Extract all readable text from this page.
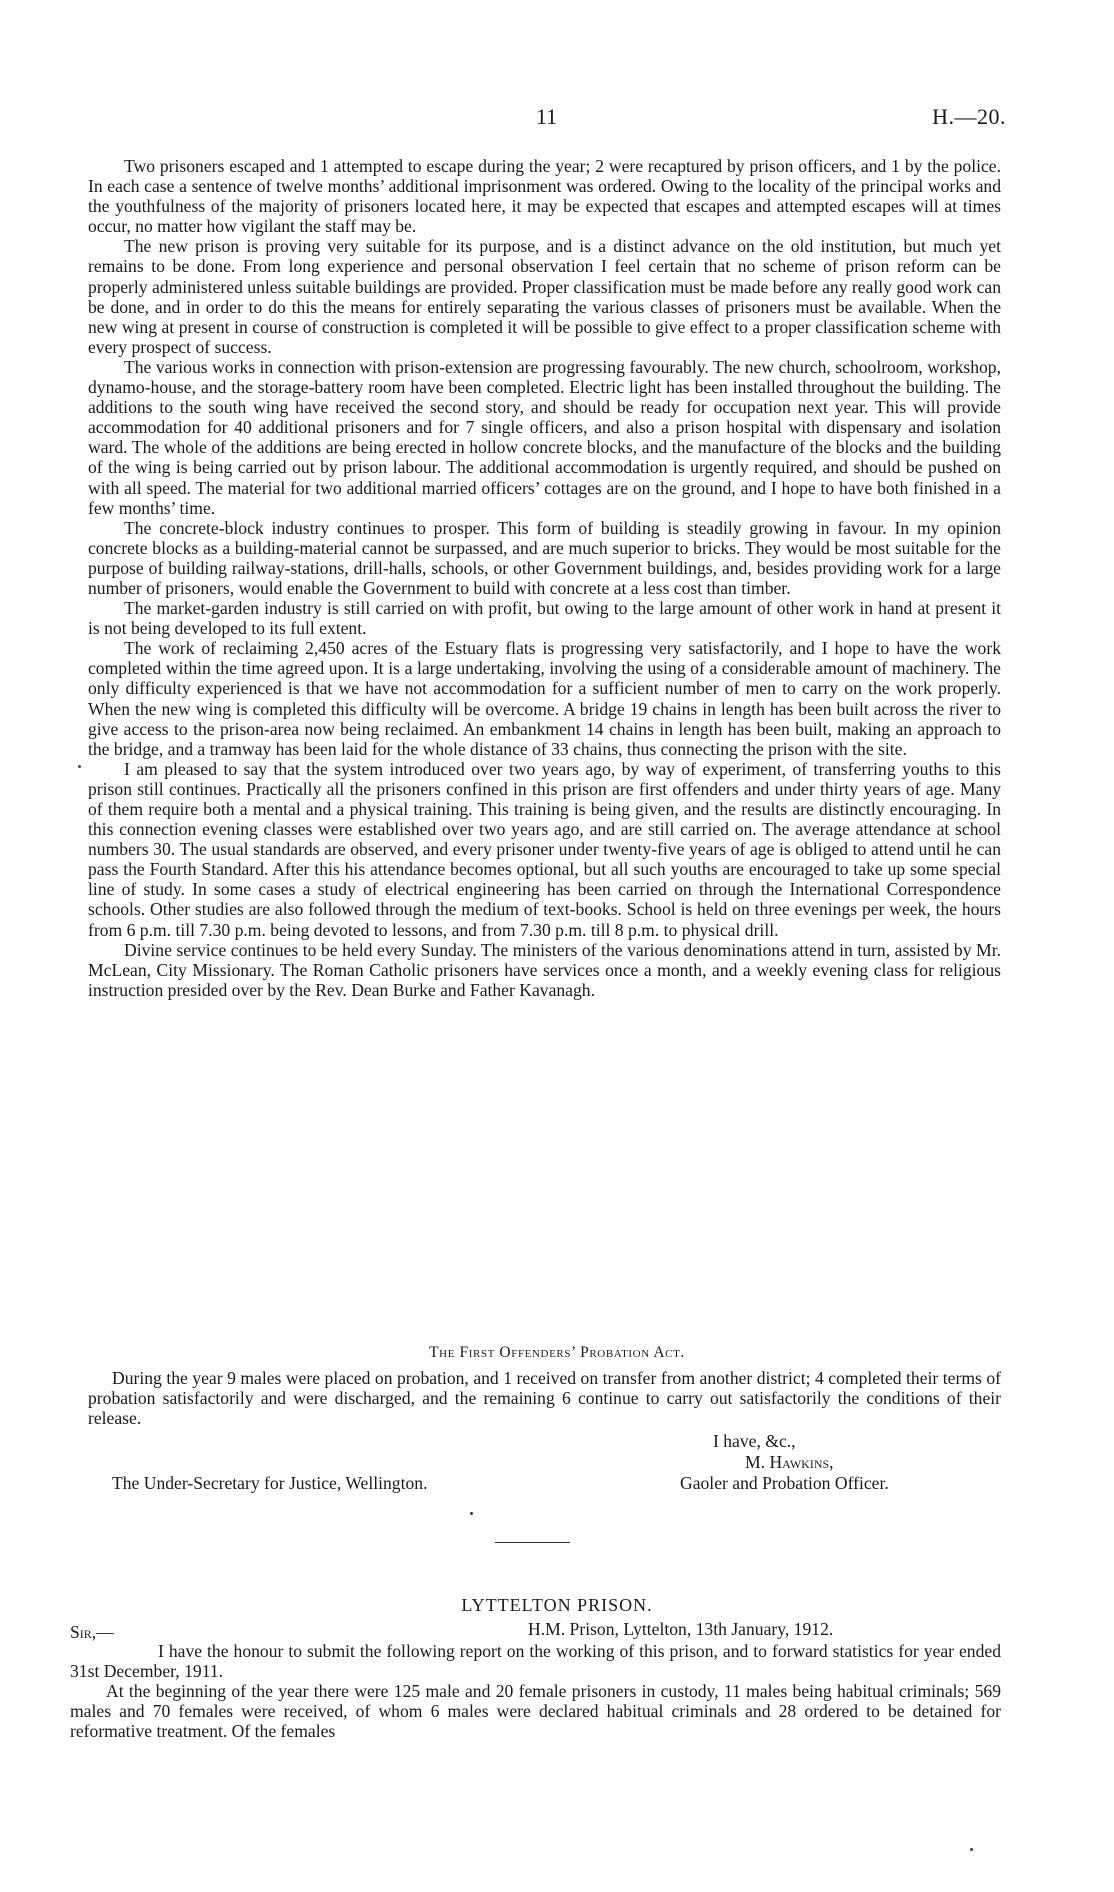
11	H.—20.

Two prisoners escaped and 1 attempted to escape during the year; 2 were recaptured by prison officers, and 1 by the police. In each case a sentence of twelve months’ additional imprisonment was ordered. Owing to the locality of the principal works and the youthfulness of the majority of prisoners located here, it may be expected that escapes and attempted escapes will at times occur, no matter how vigilant the staff may be.

The new prison is proving very suitable for its purpose, and is a distinct advance on the old institution, but much yet remains to be done. From long experience and personal observation I feel certain that no scheme of prison reform can be properly administered unless suitable buildings are provided. Proper classification must be made before any really good work can be done, and in order to do this the means for entirely separating the various classes of prisoners must be available. When the new wing at present in course of construction is completed it will be possible to give effect to a proper classification scheme with every prospect of success.

The various works in connection with prison-extension are progressing favourably. The new church, schoolroom, workshop, dynamo-house, and the storage-battery room have been completed. Electric light has been installed throughout the building. The additions to the south wing have received the second story, and should be ready for occupation next year. This will provide accommodation for 40 additional prisoners and for 7 single officers, and also a prison hospital with dispensary and isolation ward. The whole of the additions are being erected in hollow concrete blocks, and the manufacture of the blocks and the building of the wing is being carried out by prison labour. The additional accommodation is urgently required, and should be pushed on with all speed. The material for two additional married officers’ cottages are on the ground, and I hope to have both finished in a few months’ time.

The concrete-block industry continues to prosper. This form of building is steadily growing in favour. In my opinion concrete blocks as a building-material cannot be surpassed, and are much superior to bricks. They would be most suitable for the purpose of building railway-stations, drill-halls, schools, or other Government buildings, and, besides providing work for a large number of prisoners, would enable the Government to build with concrete at a less cost than timber.

The market-garden industry is still carried on with profit, but owing to the large amount of other work in hand at present it is not being developed to its full extent.

The work of reclaiming 2,450 acres of the Estuary flats is progressing very satisfactorily, and I hope to have the work completed within the time agreed upon. It is a large undertaking, involving the using of a considerable amount of machinery. The only difficulty experienced is that we have not accommodation for a sufficient number of men to carry on the work properly. When the new wing is completed this difficulty will be overcome. A bridge 19 chains in length has been built across the river to give access to the prison-area now being reclaimed. An embankment 14 chains in length has been built, making an approach to the bridge, and a tramway has been laid for the whole distance of 33 chains, thus connecting the prison with the site.

I am pleased to say that the system introduced over two years ago, by way of experiment, of transferring youths to this prison still continues. Practically all the prisoners confined in this prison are first offenders and under thirty years of age. Many of them require both a mental and a physical training. This training is being given, and the results are distinctly encouraging. In this connection evening classes were established over two years ago, and are still carried on. The average attendance at school numbers 30. The usual standards are observed, and every prisoner under twenty-five years of age is obliged to attend until he can pass the Fourth Standard. After this his attendance becomes optional, but all such youths are encouraged to take up some special line of study. In some cases a study of electrical engineering has been carried on through the International Correspondence schools. Other studies are also followed through the medium of text-books. School is held on three evenings per week, the hours from 6 p.m. till 7.30 p.m. being devoted to lessons, and from 7.30 p.m. till 8 p.m. to physical drill.

Divine service continues to be held every Sunday. The ministers of the various denominations attend in turn, assisted by Mr. McLean, City Missionary. The Roman Catholic prisoners have services once a month, and a weekly evening class for religious instruction presided over by the Rev. Dean Burke and Father Kavanagh.

The First Offenders’ Probation Act.

During the year 9 males were placed on probation, and 1 received on transfer from another district; 4 completed their terms of probation satisfactorily and were discharged, and the remaining 6 continue to carry out satisfactorily the conditions of their release.

I have, &c.,
M. Hawkins,
Gaoler and Probation Officer.
The Under-Secretary for Justice, Wellington.
LYTTELTON PRISON.
Sir,—	H.M. Prison, Lyttelton, 13th January, 1912.

I have the honour to submit the following report on the working of this prison, and to forward statistics for year ended 31st December, 1911.

At the beginning of the year there were 125 male and 20 female prisoners in custody, 11 males being habitual criminals; 569 males and 70 females were received, of whom 6 males were declared habitual criminals and 28 ordered to be detained for reformative treatment. Of the females
